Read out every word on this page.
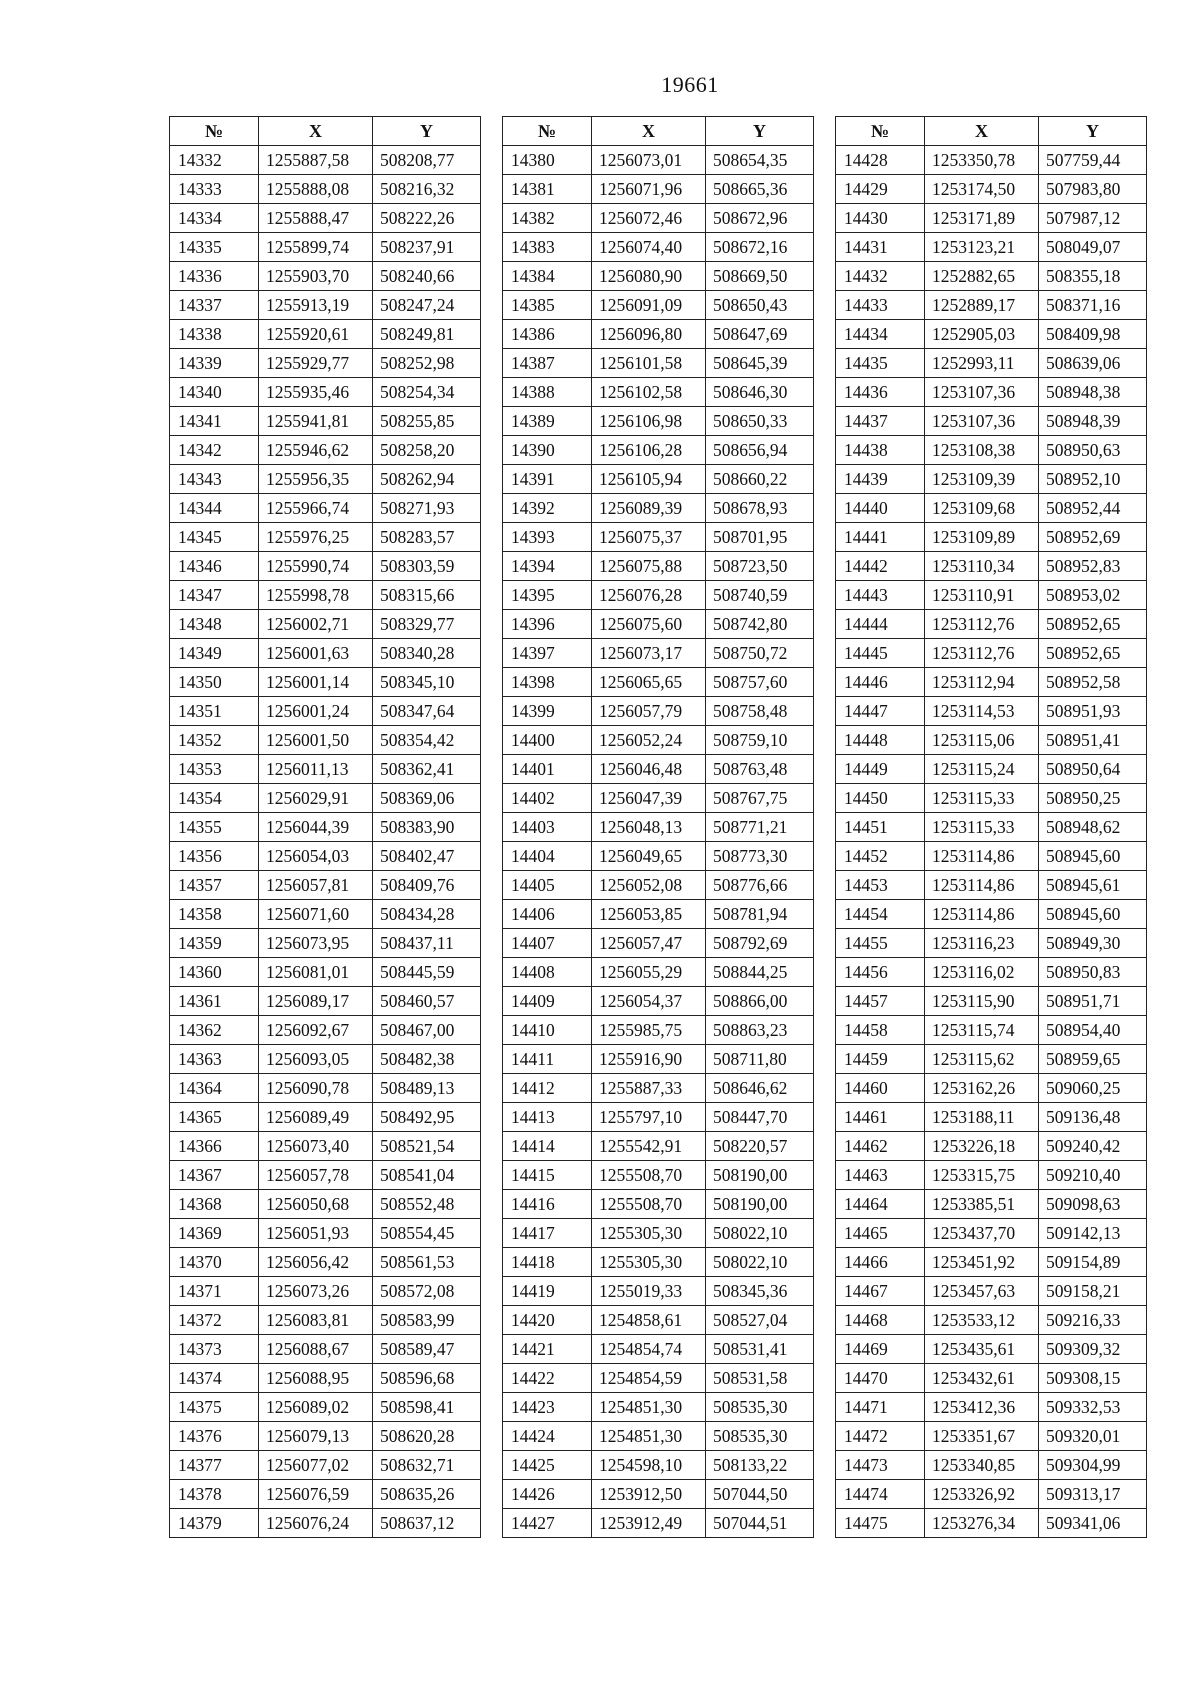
19661
№	X	Y
14332	1255887,58	508208,77
14333	1255888,08	508216,32
14334	1255888,47	508222,26
14335	1255899,74	508237,91
14336	1255903,70	508240,66
14337	1255913,19	508247,24
14338	1255920,61	508249,81
14339	1255929,77	508252,98
14340	1255935,46	508254,34
14341	1255941,81	508255,85
14342	1255946,62	508258,20
14343	1255956,35	508262,94
14344	1255966,74	508271,93
14345	1255976,25	508283,57
14346	1255990,74	508303,59
14347	1255998,78	508315,66
14348	1256002,71	508329,77
14349	1256001,63	508340,28
14350	1256001,14	508345,10
14351	1256001,24	508347,64
14352	1256001,50	508354,42
14353	1256011,13	508362,41
14354	1256029,91	508369,06
14355	1256044,39	508383,90
14356	1256054,03	508402,47
14357	1256057,81	508409,76
14358	1256071,60	508434,28
14359	1256073,95	508437,11
14360	1256081,01	508445,59
14361	1256089,17	508460,57
14362	1256092,67	508467,00
14363	1256093,05	508482,38
14364	1256090,78	508489,13
14365	1256089,49	508492,95
14366	1256073,40	508521,54
14367	1256057,78	508541,04
14368	1256050,68	508552,48
14369	1256051,93	508554,45
14370	1256056,42	508561,53
14371	1256073,26	508572,08
14372	1256083,81	508583,99
14373	1256088,67	508589,47
14374	1256088,95	508596,68
14375	1256089,02	508598,41
14376	1256079,13	508620,28
14377	1256077,02	508632,71
14378	1256076,59	508635,26
14379	1256076,24	508637,12
№	X	Y
14380	1256073,01	508654,35
14381	1256071,96	508665,36
14382	1256072,46	508672,96
14383	1256074,40	508672,16
14384	1256080,90	508669,50
14385	1256091,09	508650,43
14386	1256096,80	508647,69
14387	1256101,58	508645,39
14388	1256102,58	508646,30
14389	1256106,98	508650,33
14390	1256106,28	508656,94
14391	1256105,94	508660,22
14392	1256089,39	508678,93
14393	1256075,37	508701,95
14394	1256075,88	508723,50
14395	1256076,28	508740,59
14396	1256075,60	508742,80
14397	1256073,17	508750,72
14398	1256065,65	508757,60
14399	1256057,79	508758,48
14400	1256052,24	508759,10
14401	1256046,48	508763,48
14402	1256047,39	508767,75
14403	1256048,13	508771,21
14404	1256049,65	508773,30
14405	1256052,08	508776,66
14406	1256053,85	508781,94
14407	1256057,47	508792,69
14408	1256055,29	508844,25
14409	1256054,37	508866,00
14410	1255985,75	508863,23
14411	1255916,90	508711,80
14412	1255887,33	508646,62
14413	1255797,10	508447,70
14414	1255542,91	508220,57
14415	1255508,70	508190,00
14416	1255508,70	508190,00
14417	1255305,30	508022,10
14418	1255305,30	508022,10
14419	1255019,33	508345,36
14420	1254858,61	508527,04
14421	1254854,74	508531,41
14422	1254854,59	508531,58
14423	1254851,30	508535,30
14424	1254851,30	508535,30
14425	1254598,10	508133,22
14426	1253912,50	507044,50
14427	1253912,49	507044,51
№	X	Y
14428	1253350,78	507759,44
14429	1253174,50	507983,80
14430	1253171,89	507987,12
14431	1253123,21	508049,07
14432	1252882,65	508355,18
14433	1252889,17	508371,16
14434	1252905,03	508409,98
14435	1252993,11	508639,06
14436	1253107,36	508948,38
14437	1253107,36	508948,39
14438	1253108,38	508950,63
14439	1253109,39	508952,10
14440	1253109,68	508952,44
14441	1253109,89	508952,69
14442	1253110,34	508952,83
14443	1253110,91	508953,02
14444	1253112,76	508952,65
14445	1253112,76	508952,65
14446	1253112,94	508952,58
14447	1253114,53	508951,93
14448	1253115,06	508951,41
14449	1253115,24	508950,64
14450	1253115,33	508950,25
14451	1253115,33	508948,62
14452	1253114,86	508945,60
14453	1253114,86	508945,61
14454	1253114,86	508945,60
14455	1253116,23	508949,30
14456	1253116,02	508950,83
14457	1253115,90	508951,71
14458	1253115,74	508954,40
14459	1253115,62	508959,65
14460	1253162,26	509060,25
14461	1253188,11	509136,48
14462	1253226,18	509240,42
14463	1253315,75	509210,40
14464	1253385,51	509098,63
14465	1253437,70	509142,13
14466	1253451,92	509154,89
14467	1253457,63	509158,21
14468	1253533,12	509216,33
14469	1253435,61	509309,32
14470	1253432,61	509308,15
14471	1253412,36	509332,53
14472	1253351,67	509320,01
14473	1253340,85	509304,99
14474	1253326,92	509313,17
14475	1253276,34	509341,06
